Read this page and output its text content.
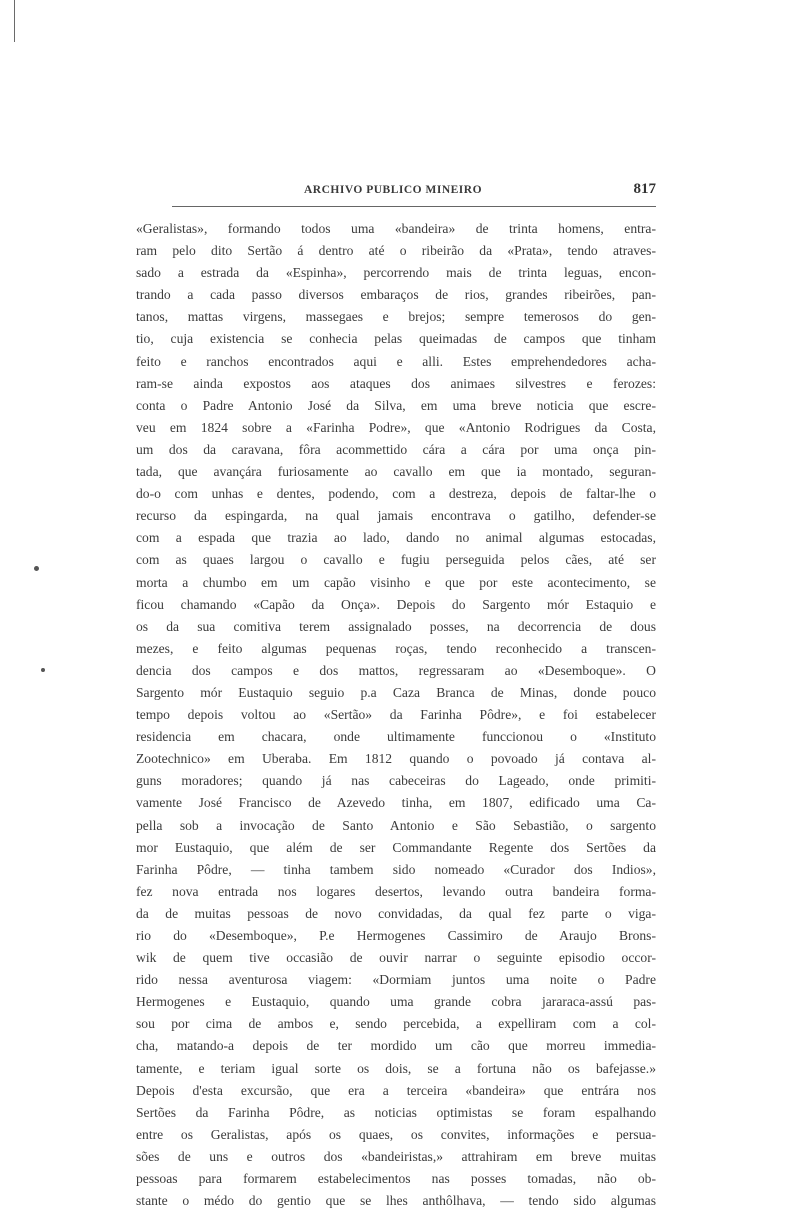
ARCHIVO PUBLICO MINEIRO	817
«Geralistas», formando todos uma «bandeira» de trinta homens, entra-
ram pelo dito Sertão á dentro até o ribeirão da «Prata», tendo atraves-
sado a estrada da «Espinha», percorrendo mais de trinta leguas, encon-
trando a cada passo diversos embaraços de rios, grandes ribeirões, pan-
tanos, mattas virgens, massegaes e brejos; sempre temerosos do gen-
tio, cuja existencia se conhecia pelas queimadas de campos que tinham
feito e ranchos encontrados aqui e alli. Estes emprehendedores acha-
ram-se ainda expostos aos ataques dos animaes silvestres e ferozes:
conta o Padre Antonio José da Silva, em uma breve noticia que escre-
veu em 1824 sobre a «Farinha Podre», que «Antonio Rodrigues da Costa,
um dos da caravana, fôra acommettido cára a cára por uma onça pin-
tada, que avançára furiosamente ao cavallo em que ia montado, seguran-
do-o com unhas e dentes, podendo, com a destreza, depois de faltar-lhe o
recurso da espingarda, na qual jamais encontrava o gatilho, defender-se
com a espada que trazia ao lado, dando no animal algumas estocadas,
com as quaes largou o cavallo e fugiu perseguida pelos cães, até ser
morta a chumbo em um capão visinho e que por este acontecimento, se
ficou chamando «Capão da Onça». Depois do Sargento mór Estaquio e
os da sua comitiva terem assignalado posses, na decorrencia de dous
mezes, e feito algumas pequenas roças, tendo reconhecido a transcen-
dencia dos campos e dos mattos, regressaram ao «Desemboque». O
Sargento mór Eustaquio seguio p.a Caza Branca de Minas, donde pouco
tempo depois voltou ao «Sertão» da Farinha Pôdre», e foi estabelecer
residencia em chacara, onde ultimamente funccionou o «Instituto
Zootechnico» em Uberaba. Em 1812 quando o povoado já contava al-
guns moradores; quando já nas cabeceiras do Lageado, onde primiti-
vamente José Francisco de Azevedo tinha, em 1807, edificado uma Ca-
pella sob a invocação de Santo Antonio e São Sebastião, o sargento
mor Eustaquio, que além de ser Commandante Regente dos Sertões da
Farinha Pôdre, — tinha tambem sido nomeado «Curador dos Indios»,
fez nova entrada nos logares desertos, levando outra bandeira forma-
da de muitas pessoas de novo convidadas, da qual fez parte o viga-
rio do «Desemboque», P.e Hermogenes Cassimiro de Araujo Brons-
wik de quem tive occasião de ouvir narrar o seguinte episodio occor-
rido nessa aventurosa viagem: «Dormiam juntos uma noite o Padre
Hermogenes e Eustaquio, quando uma grande cobra jararaca-assú pas-
sou por cima de ambos e, sendo percebida, a expelliram com a col-
cha, matando-a depois de ter mordido um cão que morreu immedia-
tamente, e teriam igual sorte os dois, se a fortuna não os bafejasse.»
Depois d'esta excursão, que era a terceira «bandeira» que entrára nos
Sertões da Farinha Pôdre, as noticias optimistas se foram espalhando
entre os Geralistas, após os quaes, os convites, informações e persua-
sões de uns e outros dos «bandeiristas,» attrahiram em breve muitas
pessoas para formarem estabelecimentos nas posses tomadas, não ob-
stante o médo do gentio que se lhes anthôlhava, — tendo sido algumas
